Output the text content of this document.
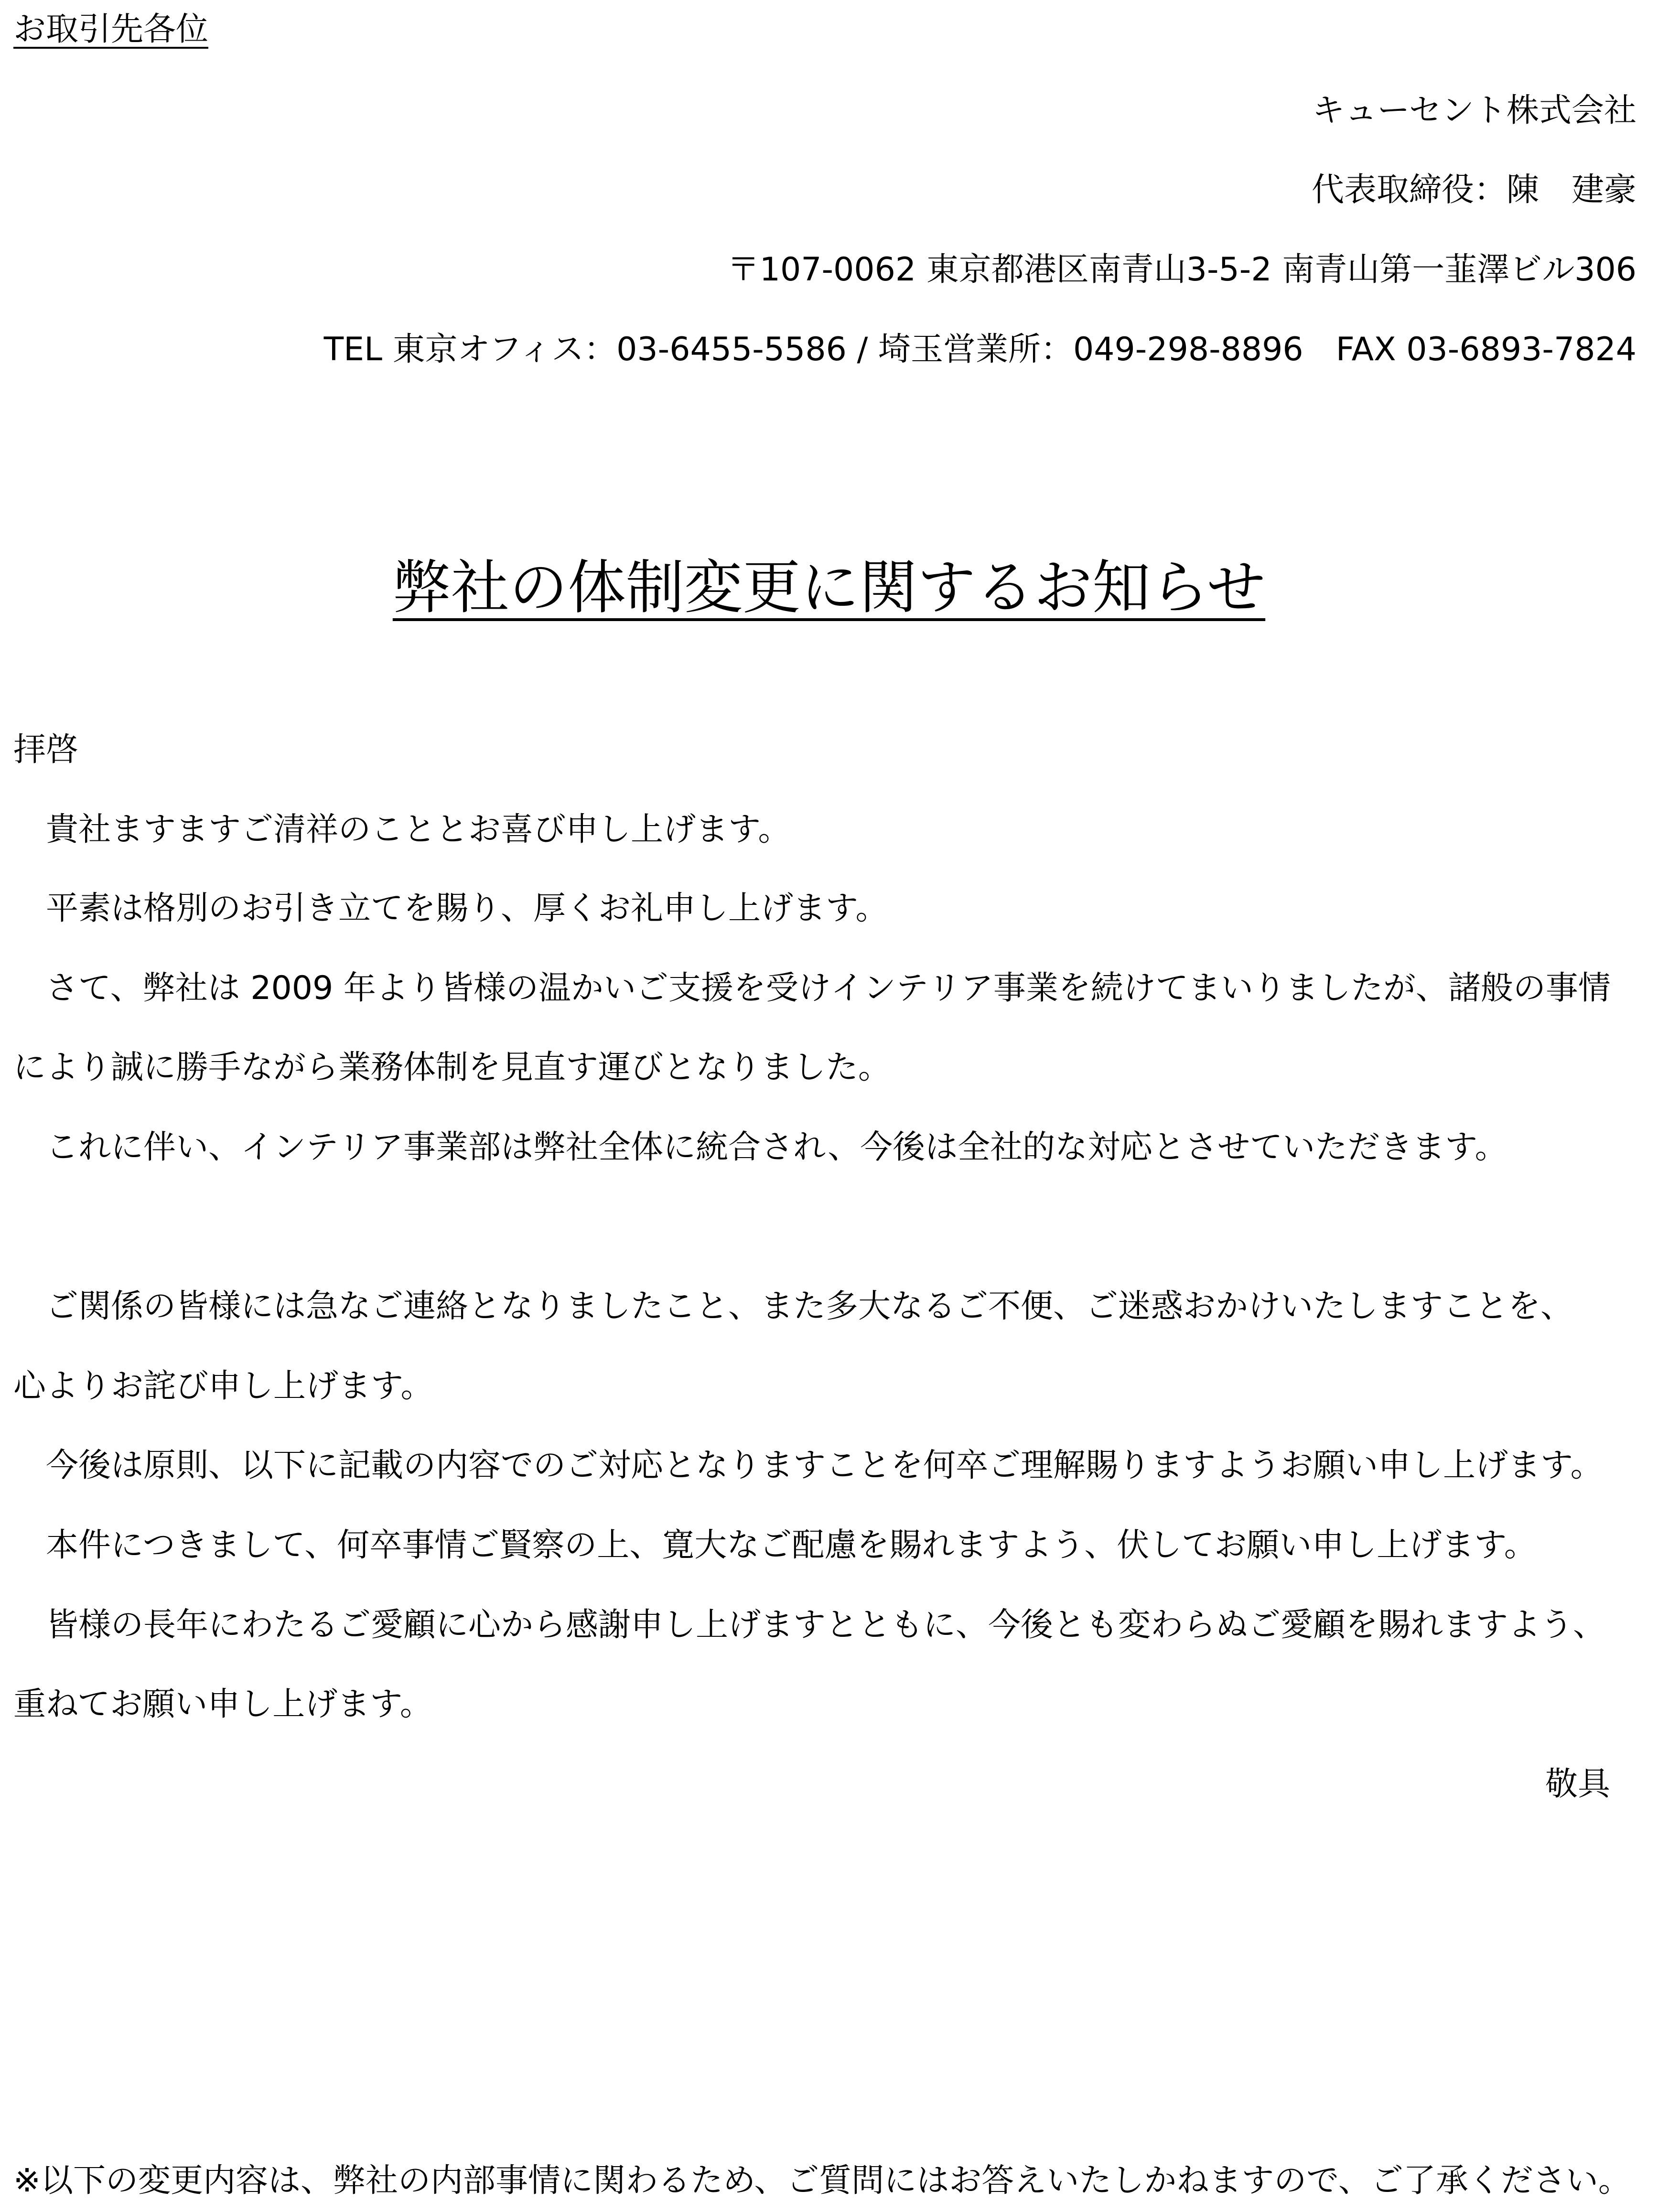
お取引先各位
キューセント株式会社
代表取締役：陳　建豪
〒107-0062 東京都港区南青山3-5-2 南青山第一韮澤ビル306
TEL 東京オフィス：03-6455-5586 / 埼玉営業所：049-298-8896　FAX 03-6893-7824
弊社の体制変更に関するお知らせ
拝啓
　貴社ますますご清祥のこととお喜び申し上げます。
　平素は格別のお引き立てを賜り、厚くお礼申し上げます。
　さて、弊社は 2009 年より皆様の温かいご支援を受けインテリア事業を続けてまいりましたが、諸般の事情
により誠に勝手ながら業務体制を見直す運びとなりました。
　これに伴い、インテリア事業部は弊社全体に統合され、今後は全社的な対応とさせていただきます。
　ご関係の皆様には急なご連絡となりましたこと、また多大なるご不便、ご迷惑おかけいたしますことを、
心よりお詫び申し上げます。
　今後は原則、以下に記載の内容でのご対応となりますことを何卒ご理解賜りますようお願い申し上げます。
　本件につきまして、何卒事情ご賢察の上、寛大なご配慮を賜れますよう、伏してお願い申し上げます。
　皆様の長年にわたるご愛顧に心から感謝申し上げますとともに、今後とも変わらぬご愛顧を賜れますよう、
重ねてお願い申し上げます。
敬具
※以下の変更内容は、弊社の内部事情に関わるため、ご質問にはお答えいたしかねますので、ご了承ください。
